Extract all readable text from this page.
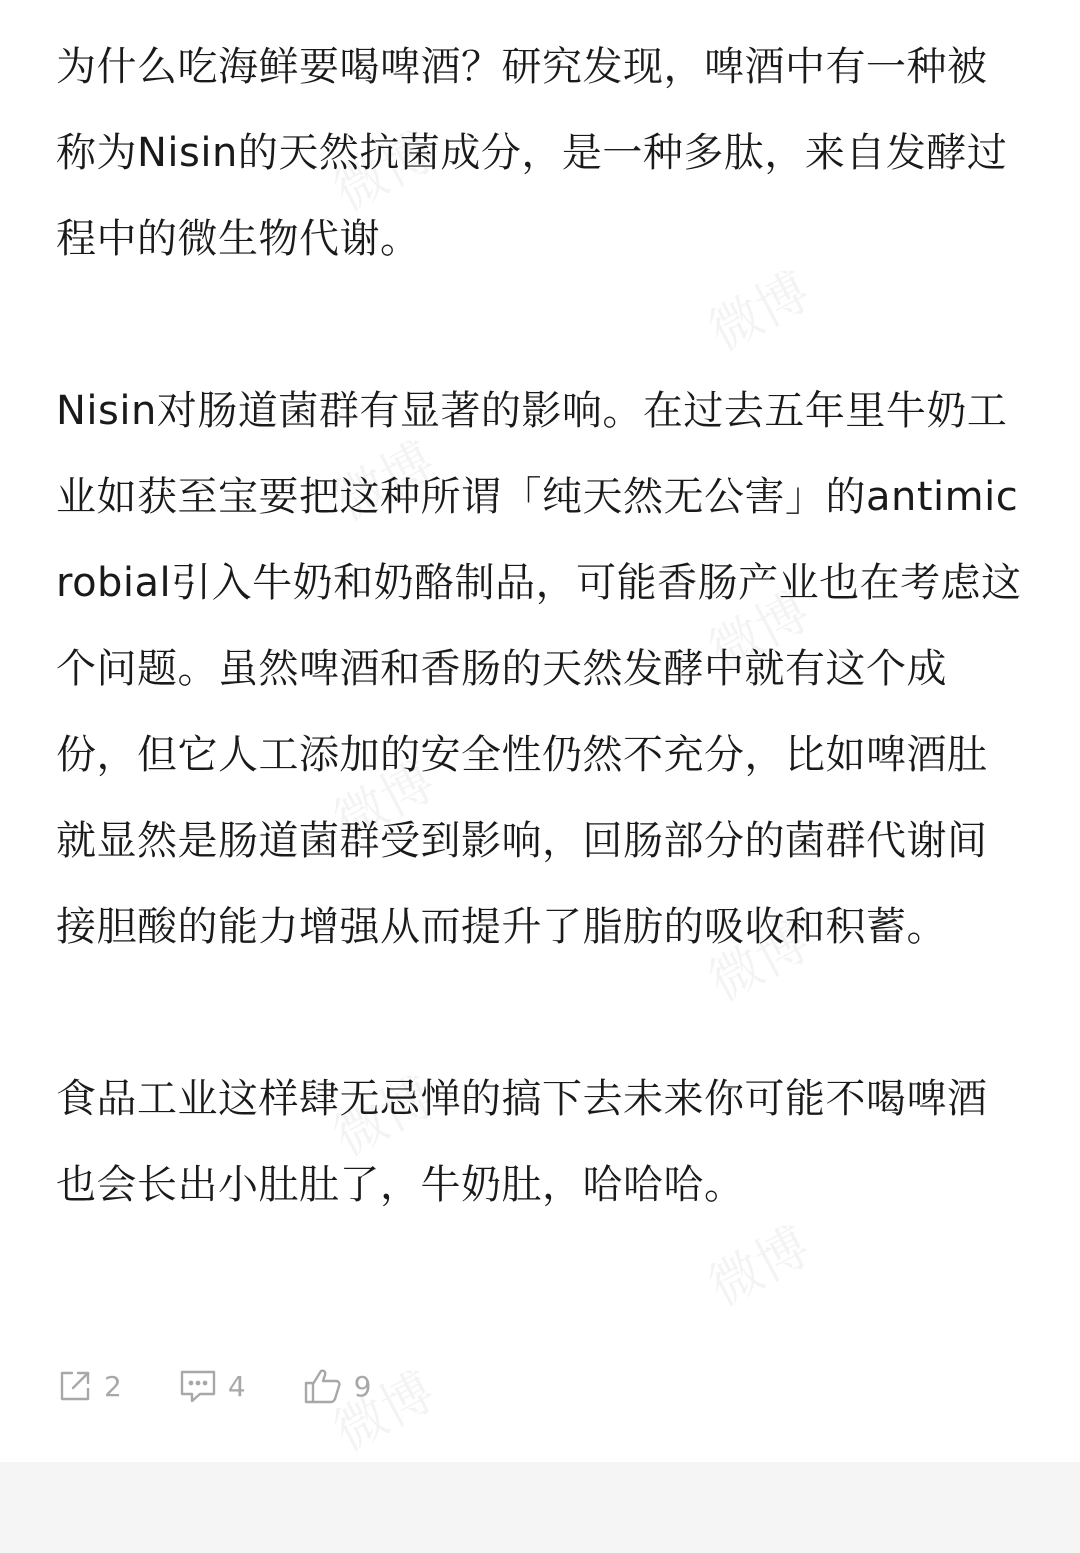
为什么吃海鲜要喝啤酒？研究发现，啤酒中有一种被称为Nisin的天然抗菌成分，是一种多肽，来自发酵过程中的微生物代谢。

Nisin对肠道菌群有显著的影响。在过去五年里牛奶工业如获至宝要把这种所谓「纯天然无公害」的antimicrobial引入牛奶和奶酪制品，可能香肠产业也在考虑这个问题。虽然啤酒和香肠的天然发酵中就有这个成份，但它人工添加的安全性仍然不充分，比如啤酒肚就显然是肠道菌群受到影响，回肠部分的菌群代谢间接胆酸的能力增强从而提升了脂肪的吸收和积蓄。

食品工业这样肆无忌惮的搞下去未来你可能不喝啤酒也会长出小肚肚了，牛奶肚，哈哈哈。

2	4	9
